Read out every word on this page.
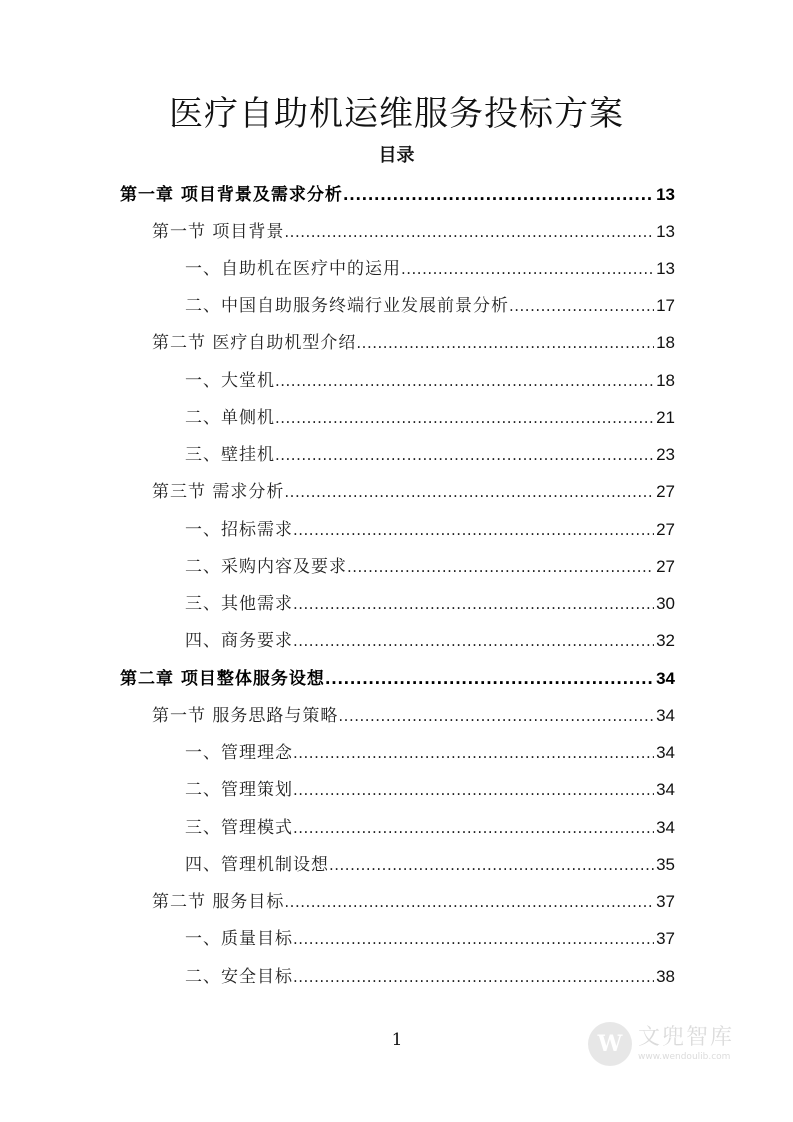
医疗自助机运维服务投标方案
目录
第一章 项目背景及需求分析 .....	13
第一节 项目背景 .....	13
一、自助机在医疗中的运用 .....	13
二、中国自助服务终端行业发展前景分析 .....	17
第二节 医疗自助机型介绍 .....	18
一、大堂机 .....	18
二、单侧机 .....	21
三、壁挂机 .....	23
第三节 需求分析 .....	27
一、招标需求 .....	27
二、采购内容及要求 .....	27
三、其他需求 .....	30
四、商务要求 .....	32
第二章 项目整体服务设想 .....	34
第一节 服务思路与策略 .....	34
一、管理理念 .....	34
二、管理策划 .....	34
三、管理模式 .....	34
四、管理机制设想 .....	35
第二节 服务目标 .....	37
一、质量目标 .....	37
二、安全目标 .....	38
1	W 文兜智库
www.wendoulib.com
